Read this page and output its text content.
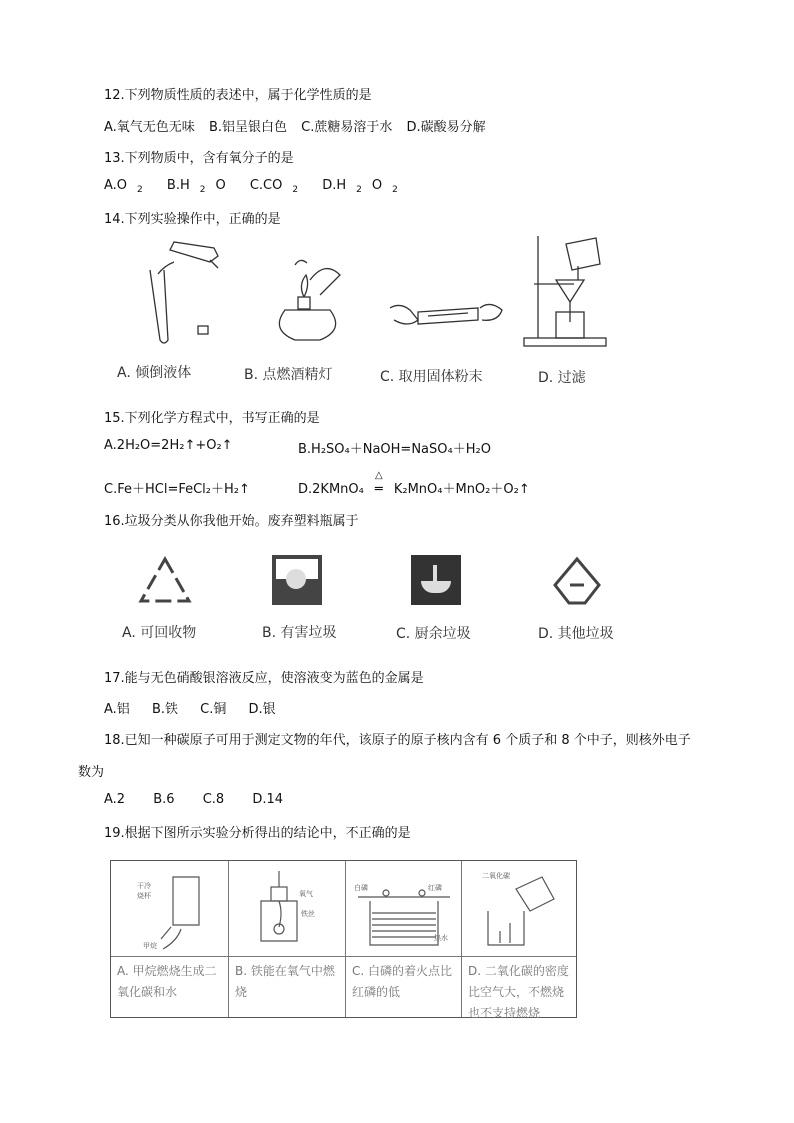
12.下列物质性质的表述中，属于化学性质的是
A.氧气无色无味 B.铝呈银白色 C.蔗糖易溶于水 D.碳酸易分解
13.下列物质中，含有氧分子的是
A.O $_2$ B.H $_2$ O C.CO $_2$ D.H $_2$ O $_2$
14.下列实验操作中，正确的是
A. 倾倒液体	B. 点燃酒精灯	C. 取用固体粉末	D. 过滤
15.下列化学方程式中，书写正确的是
A.2H₂O=2H₂↑+O₂↑	B.H₂SO₄＋NaOH=NaSO₄＋H₂O
C.Fe＋HCl=FeCl₂＋H₂↑	D.2KMnO₄
△
═ K₂MnO₄＋MnO₂＋O₂↑
16.垃圾分类从你我他开始。废弃塑料瓶属于
A. 可回收物	B. 有害垃圾	C. 厨余垃圾	D. 其他垃圾
17.能与无色硝酸银溶液反应，使溶液变为蓝色的金属是
A.铝 B.铁 C.铜 D.银
18.已知一种碳原子可用于测定文物的年代，该原子的原子核内含有 6 个质子和 8 个中子，则核外电子
数为
A.2 B.6 C.8 D.14
19.根据下图所示实验分析得出的结论中，不正确的是
干冷
烧杯
甲烷
A. 甲烷燃烧生成二氧化碳和水
氧气
铁丝
B. 铁能在氧气中燃烧
白磷	红磷
热水
C. 白磷的着火点比红磷的低
二氧化碳
D. 二氧化碳的密度比空气大，不燃烧也不支持燃烧
